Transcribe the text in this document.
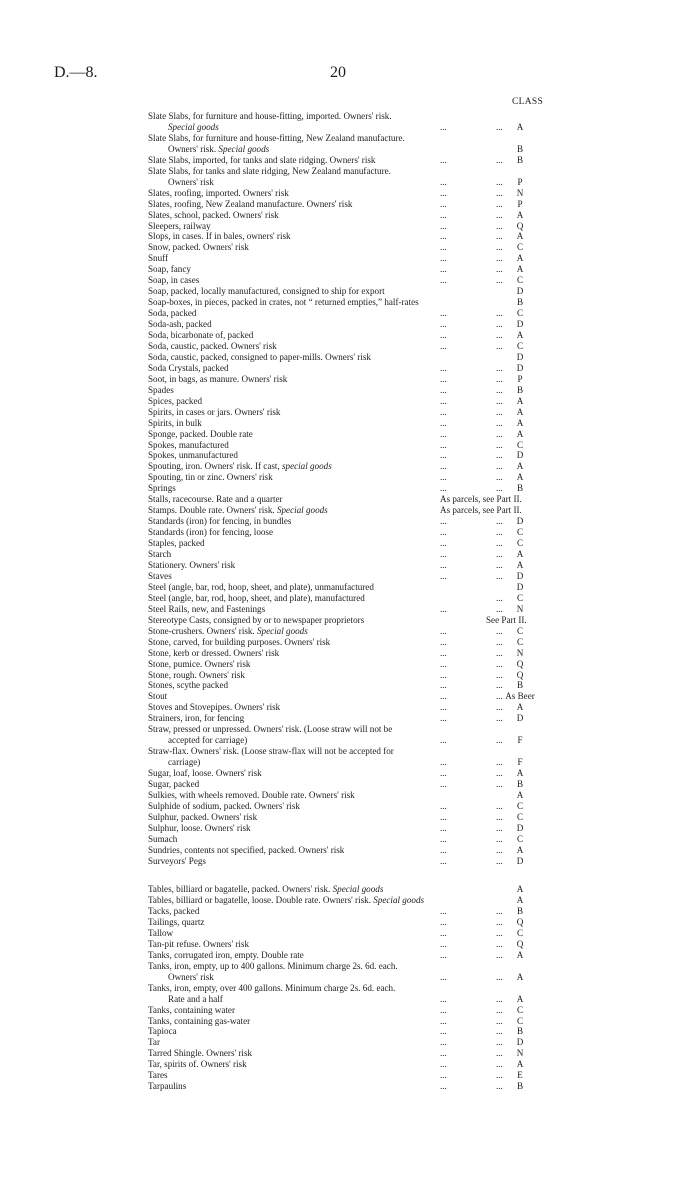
D.—8.	20
CLASS
Slate Slabs, for furniture and house-fitting, imported. Owners' risk.
Special goods	...	...	A
Slate Slabs, for furniture and house-fitting, New Zealand manufacture.
Owners' risk. Special goods	B
Slate Slabs, imported, for tanks and slate ridging. Owners' risk	...	...	B
Slate Slabs, for tanks and slate ridging, New Zealand manufacture.
Owners' risk	...	...	P
Slates, roofing, imported. Owners' risk	...	...	N
Slates, roofing, New Zealand manufacture. Owners' risk	...	...	P
Slates, school, packed. Owners' risk	...	...	A
Sleepers, railway	...	...	Q
Slops, in cases. If in bales, owners' risk	...	...	A
Snow, packed. Owners' risk	...	...	C
Snuff	...	...	A
Soap, fancy	...	...	A
Soap, in cases	...	...	C
Soap, packed, locally manufactured, consigned to ship for export	D
Soap-boxes, in pieces, packed in crates, not “ returned empties,” half-rates	B
Soda, packed	...	...	C
Soda-ash, packed	...	...	D
Soda, bicarbonate of, packed	...	...	A
Soda, caustic, packed. Owners' risk	...	...	C
Soda, caustic, packed, consigned to paper-mills. Owners' risk	D
Soda Crystals, packed	...	...	D
Soot, in bags, as manure. Owners' risk	...	...	P
Spades	...	...	B
Spices, packed	...	...	A
Spirits, in cases or jars. Owners' risk	...	...	A
Spirits, in bulk	...	...	A
Sponge, packed. Double rate	...	...	A
Spokes, manufactured	...	...	C
Spokes, unmanufactured	...	...	D
Spouting, iron. Owners' risk. If cast, special goods	...	...	A
Spouting, tin or zinc. Owners' risk	...	...	A
Springs	...	...	B
Stalls, racecourse. Rate and a quarter	As parcels, see Part II.
Stamps. Double rate. Owners' risk. Special goods	As parcels, see Part II.
Standards (iron) for fencing, in bundles	...	...	D
Standards (iron) for fencing, loose	...	...	C
Staples, packed	...	...	C
Starch	...	...	A
Stationery. Owners' risk	...	...	A
Staves	...	...	D
Steel (angle, bar, rod, hoop, sheet, and plate), unmanufactured	D
Steel (angle, bar, rod, hoop, sheet, and plate), manufactured	...	C
Steel Rails, new, and Fastenings	...	...	N
Stereotype Casts, consigned by or to newspaper proprietors	See Part II.
Stone-crushers. Owners' risk. Special goods	...	...	C
Stone, carved, for building purposes. Owners' risk	...	...	C
Stone, kerb or dressed. Owners' risk	...	...	N
Stone, pumice. Owners' risk	...	...	Q
Stone, rough. Owners' risk	...	...	Q
Stones, scythe packed	...	...	B
Stout	...	... As Beer
Stoves and Stovepipes. Owners' risk	...	...	A
Strainers, iron, for fencing	...	...	D
Straw, pressed or unpressed. Owners' risk. (Loose straw will not be
accepted for carriage)	...	...	F
Straw-flax. Owners' risk. (Loose straw-flax will not be accepted for
carriage)	...	...	F
Sugar, loaf, loose. Owners' risk	...	...	A
Sugar, packed	...	...	B
Sulkies, with wheels removed. Double rate. Owners' risk	A
Sulphide of sodium, packed. Owners' risk	...	...	C
Sulphur, packed. Owners' risk	...	...	C
Sulphur, loose. Owners' risk	...	...	D
Sumach	...	...	C
Sundries, contents not specified, packed. Owners' risk	...	...	A
Surveyors' Pegs	...	...	D
Tables, billiard or bagatelle, packed. Owners' risk. Special goods	A
Tables, billiard or bagatelle, loose. Double rate. Owners' risk. Special goods	A
Tacks, packed	...	...	B
Tailings, quartz	...	...	Q
Tallow	...	...	C
Tan-pit refuse. Owners' risk	...	...	Q
Tanks, corrugated iron, empty. Double rate	...	...	A
Tanks, iron, empty, up to 400 gallons. Minimum charge 2s. 6d. each.
Owners' risk	...	...	A
Tanks, iron, empty, over 400 gallons. Minimum charge 2s. 6d. each.
Rate and a half	...	...	A
Tanks, containing water	...	...	C
Tanks, containing gas-water	...	...	C
Tapioca	...	...	B
Tar	...	...	D
Tarred Shingle. Owners' risk	...	...	N
Tar, spirits of. Owners' risk	...	...	A
Tares	...	...	E
Tarpaulins	...	...	B
